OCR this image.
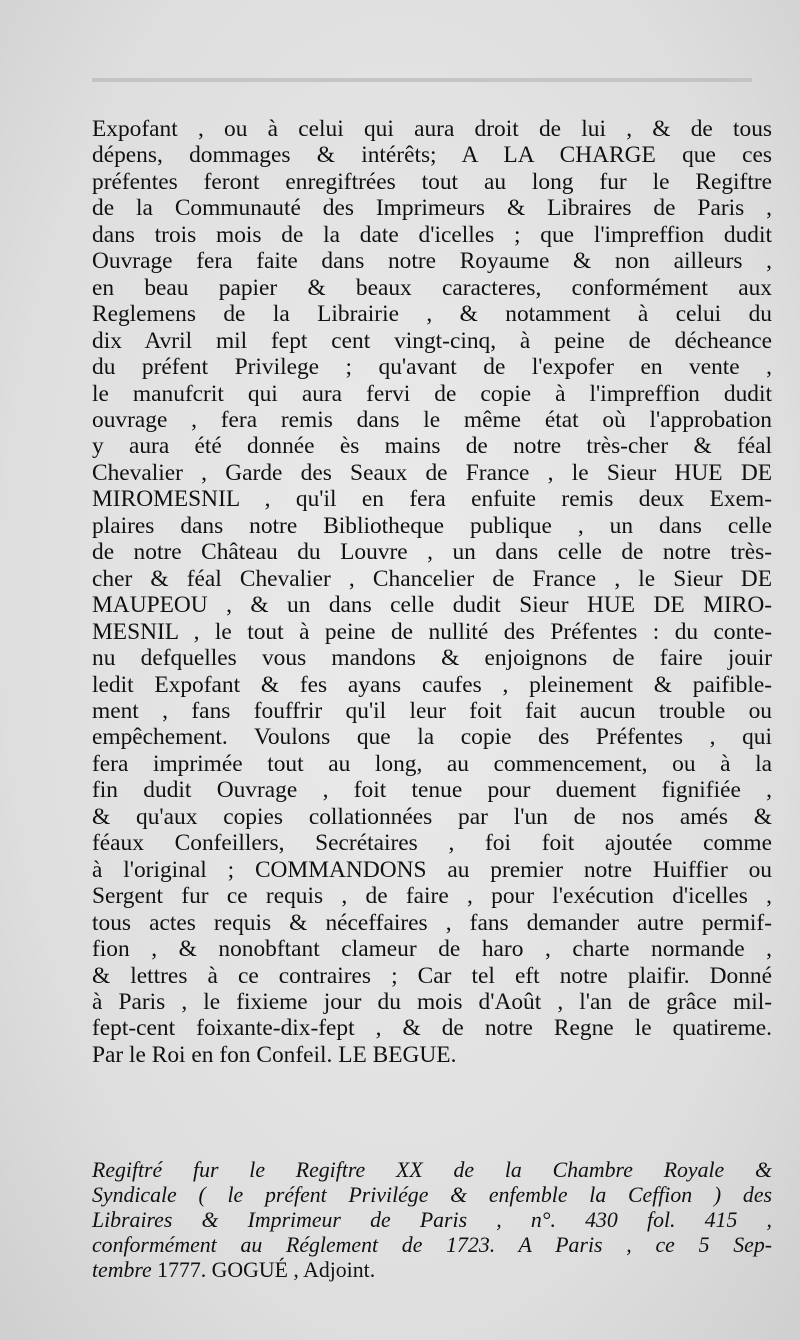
Expofant , ou à celui qui aura droit de lui , & de tous
dépens, dommages & intérêts; A LA CHARGE que ces
préfentes feront enregiftrées tout au long fur le Regiftre
de la Communauté des Imprimeurs & Libraires de Paris ,
dans trois mois de la date d'icelles ; que l'impreffion dudit
Ouvrage fera faite dans notre Royaume & non ailleurs ,
en beau papier & beaux caracteres, conformément aux
Reglemens de la Librairie , & notamment à celui du
dix Avril mil fept cent vingt-cinq, à peine de décheance
du préfent Privilege ; qu'avant de l'expofer en vente ,
le manufcrit qui aura fervi de copie à l'impreffion dudit
ouvrage , fera remis dans le même état où l'approbation
y aura été donnée ès mains de notre très-cher & féal
Chevalier , Garde des Seaux de France , le Sieur HUE DE
MIROMESNIL , qu'il en fera enfuite remis deux Exem-
plaires dans notre Bibliotheque publique , un dans celle
de notre Château du Louvre , un dans celle de notre très-
cher & féal Chevalier , Chancelier de France , le Sieur DE
MAUPEOU , & un dans celle dudit Sieur HUE DE MIRO-
MESNIL , le tout à peine de nullité des Préfentes : du conte-
nu defquelles vous mandons & enjoignons de faire jouir
ledit Expofant & fes ayans caufes , pleinement & paifible-
ment , fans fouffrir qu'il leur foit fait aucun trouble ou
empêchement. Voulons que la copie des Préfentes , qui
fera imprimée tout au long, au commencement, ou à la
fin dudit Ouvrage , foit tenue pour duement fignifiée ,
& qu'aux copies collationnées par l'un de nos amés &
féaux Confeillers, Secrétaires , foi foit ajoutée comme
à l'original ; COMMANDONS au premier notre Huiffier ou
Sergent fur ce requis , de faire , pour l'exécution d'icelles ,
tous actes requis & néceffaires , fans demander autre permif-
fion , & nonobftant clameur de haro , charte normande ,
& lettres à ce contraires ; Car tel eft notre plaifir. Donné
à Paris , le fixieme jour du mois d'Août , l'an de grâce mil-
fept-cent foixante-dix-fept , & de notre Regne le quatireme.
Par le Roi en fon Confeil. LE BEGUE.
Regiftré fur le Regiftre XX de la Chambre Royale &
Syndicale ( le préfent Privilége & enfemble la Ceffion ) des
Libraires & Imprimeur de Paris , n°. 430 fol. 415 ,
conformément au Réglement de 1723. A Paris , ce 5 Sep-
tembre 1777. GOGUÉ , Adjoint.
